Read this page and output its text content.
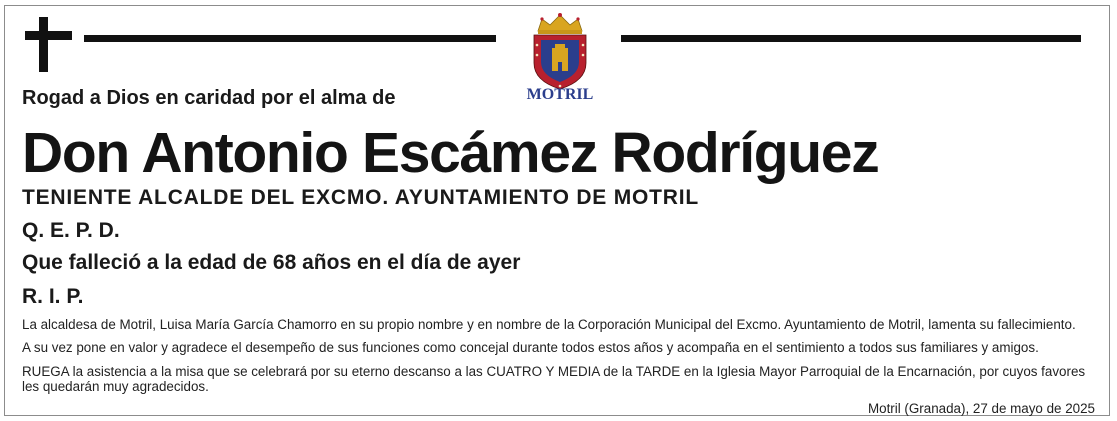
MOTRIL
Rogad a Dios en caridad por el alma de
Don Antonio Escámez Rodríguez
TENIENTE ALCALDE DEL EXCMO. AYUNTAMIENTO DE MOTRIL
Q. E. P. D.
Que falleció a la edad de 68 años en el día de ayer
R. I. P.
La alcaldesa de Motril, Luisa María García Chamorro en su propio nombre y en nombre de la Corporación Municipal del Excmo. Ayuntamiento de Motril, lamenta su fallecimiento.
A su vez pone en valor y agradece el desempeño de sus funciones como concejal durante todos estos años y acompaña en el sentimiento a todos sus familiares y amigos.
RUEGA la asistencia a la misa que se celebrará por su eterno descanso a las CUATRO Y MEDIA de la TARDE en la Iglesia Mayor Parroquial de la Encarnación, por cuyos favores les quedarán muy agradecidos.
Motril (Granada), 27 de mayo de 2025
